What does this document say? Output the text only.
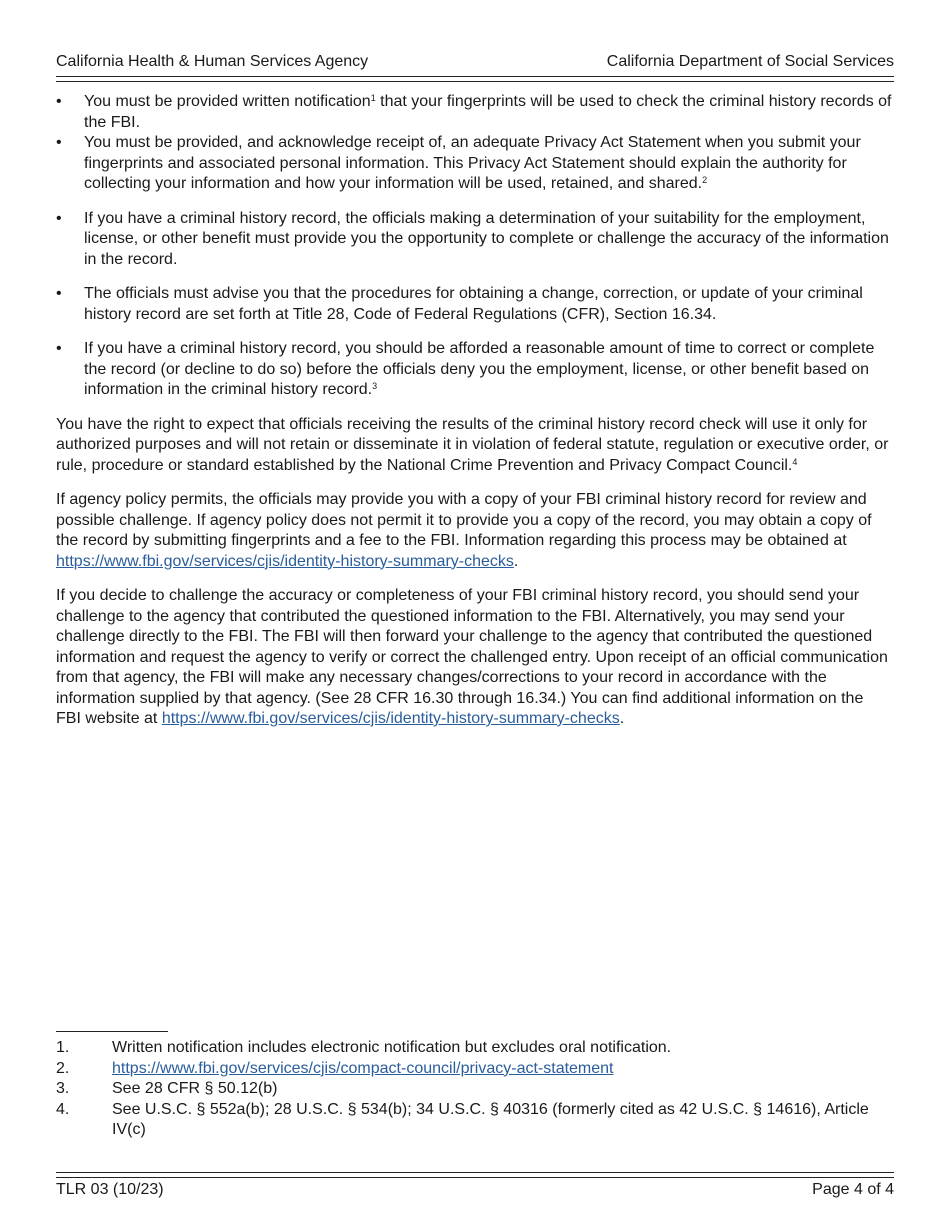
California Health & Human Services Agency	California Department of Social Services
• You must be provided written notification$^1$ that your fingerprints will be used to check the criminal history records of the FBI.
• You must be provided, and acknowledge receipt of, an adequate Privacy Act Statement when you submit your fingerprints and associated personal information. This Privacy Act Statement should explain the authority for collecting your information and how your information will be used, retained, and shared.$^2$
• If you have a criminal history record, the officials making a determination of your suitability for the employment, license, or other benefit must provide you the opportunity to complete or challenge the accuracy of the information in the record.
• The officials must advise you that the procedures for obtaining a change, correction, or update of your criminal history record are set forth at Title 28, Code of Federal Regulations (CFR), Section 16.34.
• If you have a criminal history record, you should be afforded a reasonable amount of time to correct or complete the record (or decline to do so) before the officials deny you the employment, license, or other benefit based on information in the criminal history record.$^3$

You have the right to expect that officials receiving the results of the criminal history record check will use it only for authorized purposes and will not retain or disseminate it in violation of federal statute, regulation or executive order, or rule, procedure or standard established by the National Crime Prevention and Privacy Compact Council.$^4$

If agency policy permits, the officials may provide you with a copy of your FBI criminal history record for review and possible challenge. If agency policy does not permit it to provide you a copy of the record, you may obtain a copy of the record by submitting fingerprints and a fee to the FBI. Information regarding this process may be obtained at https://www.fbi.gov/services/cjis/identity-history-summary-checks.

If you decide to challenge the accuracy or completeness of your FBI criminal history record, you should send your challenge to the agency that contributed the questioned information to the FBI. Alternatively, you may send your challenge directly to the FBI. The FBI will then forward your challenge to the agency that contributed the questioned information and request the agency to verify or correct the challenged entry. Upon receipt of an official communication from that agency, the FBI will make any necessary changes/corrections to your record in accordance with the information supplied by that agency. (See 28 CFR 16.30 through 16.34.) You can find additional information on the FBI website at https://www.fbi.gov/services/cjis/identity-history-summary-checks.

1.	Written notification includes electronic notification but excludes oral notification.
2.	https://www.fbi.gov/services/cjis/compact-council/privacy-act-statement
3.	See 28 CFR § 50.12(b)
4.	See U.S.C. § 552a(b); 28 U.S.C. § 534(b); 34 U.S.C. § 40316 (formerly cited as 42 U.S.C. § 14616), Article IV(c)
TLR 03 (10/23)	Page 4 of 4
